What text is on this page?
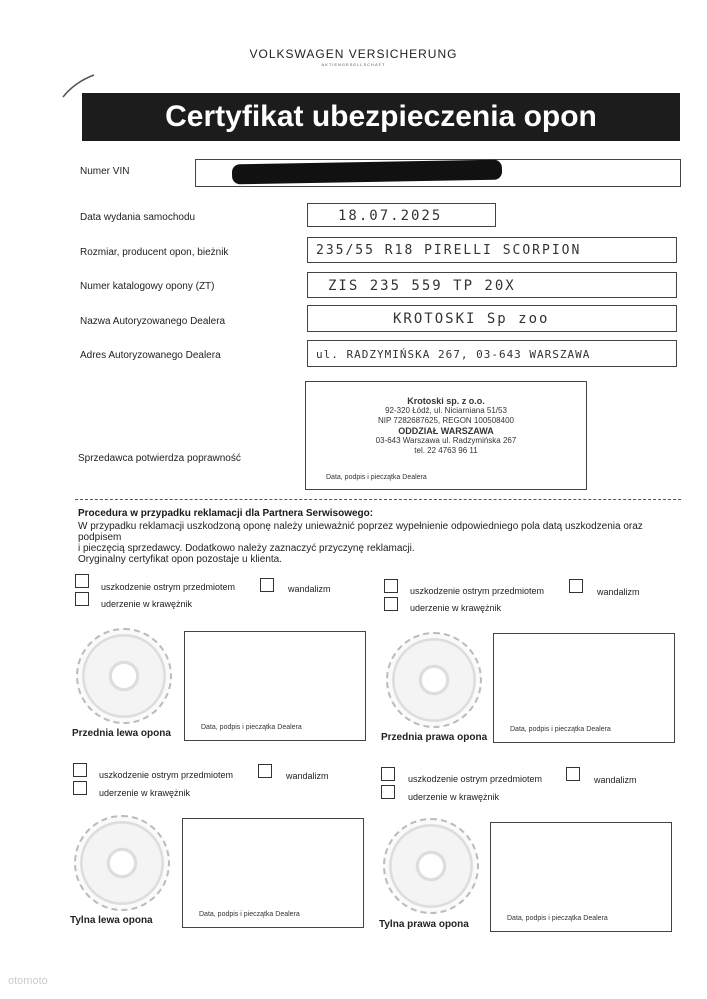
VOLKSWAGEN VERSICHERUNG
AKTIENGESELLSCHAFT
Certyfikat ubezpieczenia opon
Numer VIN
Data wydania samochodu	18.07.2025
Rozmiar, producent opon, bieżnik	235/55 R18 PIRELLI SCORPION
Numer katalogowy opony (ZT)	ZIS 235 559 TP 20X
Nazwa Autoryzowanego Dealera	KROTOSKI Sp zoo
Adres Autoryzowanego Dealera	ul. RADZYMIŃSKA 267, 03-643 WARSZAWA
Sprzedawca potwierdza poprawność
Krotoski sp. z o.o.
92-320 Łódź, ul. Niciarniana 51/53
NIP 7282687625, REGON 100508400
ODDZIAŁ WARSZAWA
03-643 Warszawa ul. Radzymińska 267
tel. 22 4763 96 11
Data, podpis i pieczątka Dealera
Procedura w przypadku reklamacji dla Partnera Serwisowego:
W przypadku reklamacji uszkodzoną oponę należy unieważnić poprzez wypełnienie odpowiedniego pola datą uszkodzenia oraz podpisem
i pieczęcią sprzedawcy. Dodatkowo należy zaznaczyć przyczynę reklamacji.
Oryginalny certyfikat opon pozostaje u klienta.
uszkodzenie ostrym przedmiotem	wandalizm
uderzenie w krawężnik
Przednia lewa opona
Data, podpis i pieczątka Dealera
uszkodzenie ostrym przedmiotem	wandalizm
uderzenie w krawężnik
Przednia prawa opona
Data, podpis i pieczątka Dealera
uszkodzenie ostrym przedmiotem	wandalizm
uderzenie w krawężnik
Tylna lewa opona
Data, podpis i pieczątka Dealera
uszkodzenie ostrym przedmiotem	wandalizm
uderzenie w krawężnik
Tylna prawa opona
Data, podpis i pieczątka Dealera
otomoto
